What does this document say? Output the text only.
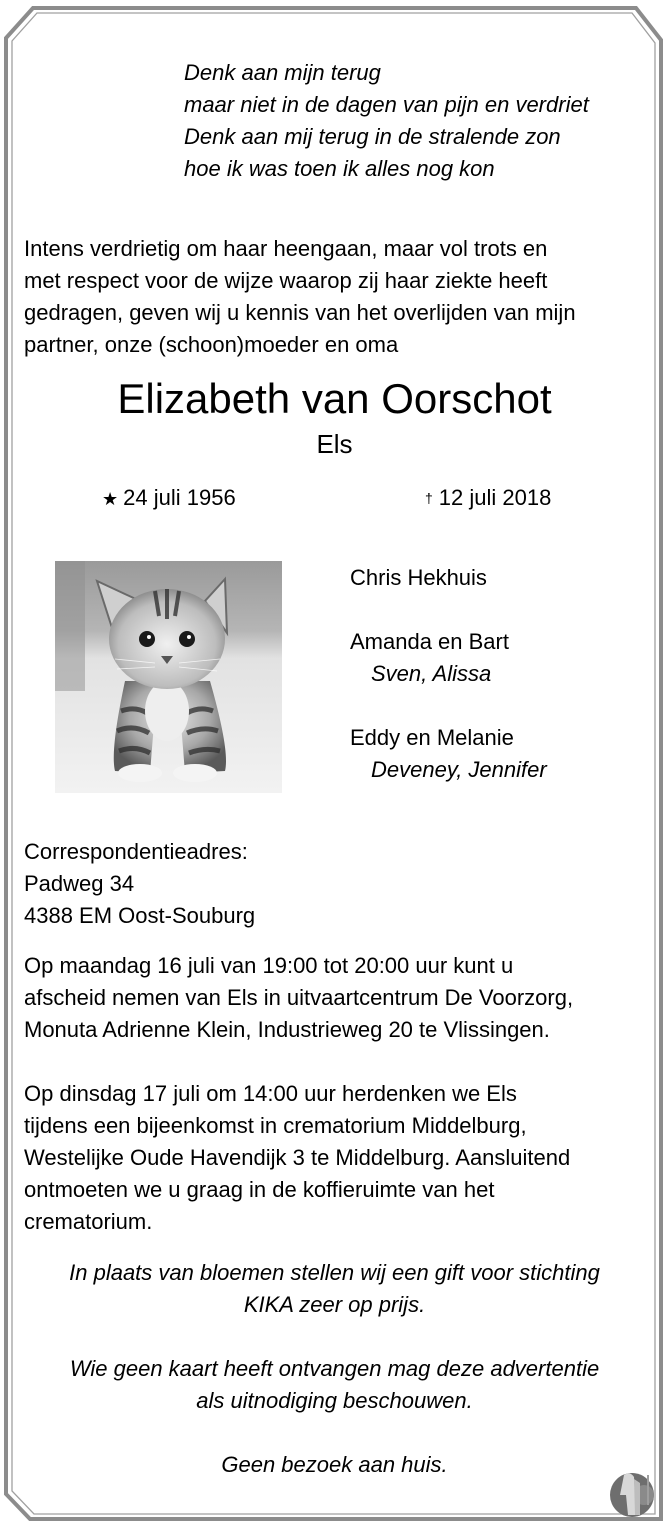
Denk aan mijn terug
maar niet in de dagen van pijn en verdriet
Denk aan mij terug in de stralende zon
hoe ik was toen ik alles nog kon
Intens verdrietig om haar heengaan, maar vol trots en
met respect voor de wijze waarop zij haar ziekte heeft
gedragen, geven wij u kennis van het overlijden van mijn
partner, onze (schoon)moeder en oma
Elizabeth van Oorschot
Els
★ 24 juli 1956	† 12 juli 2018
Chris Hekhuis
Amanda en Bart
Sven, Alissa
Eddy en Melanie
Deveney, Jennifer
Correspondentieadres:
Padweg 34
4388 EM Oost-Souburg
Op maandag 16 juli van 19:00 tot 20:00 uur kunt u
afscheid nemen van Els in uitvaartcentrum De Voorzorg,
Monuta Adrienne Klein, Industrieweg 20 te Vlissingen.
Op dinsdag 17 juli om 14:00 uur herdenken we Els
tijdens een bijeenkomst in crematorium Middelburg,
Westelijke Oude Havendijk 3 te Middelburg. Aansluitend
ontmoeten we u graag in de koffieruimte van het
crematorium.
In plaats van bloemen stellen wij een gift voor stichting
KIKA zeer op prijs.
Wie geen kaart heeft ontvangen mag deze advertentie
als uitnodiging beschouwen.
Geen bezoek aan huis.
